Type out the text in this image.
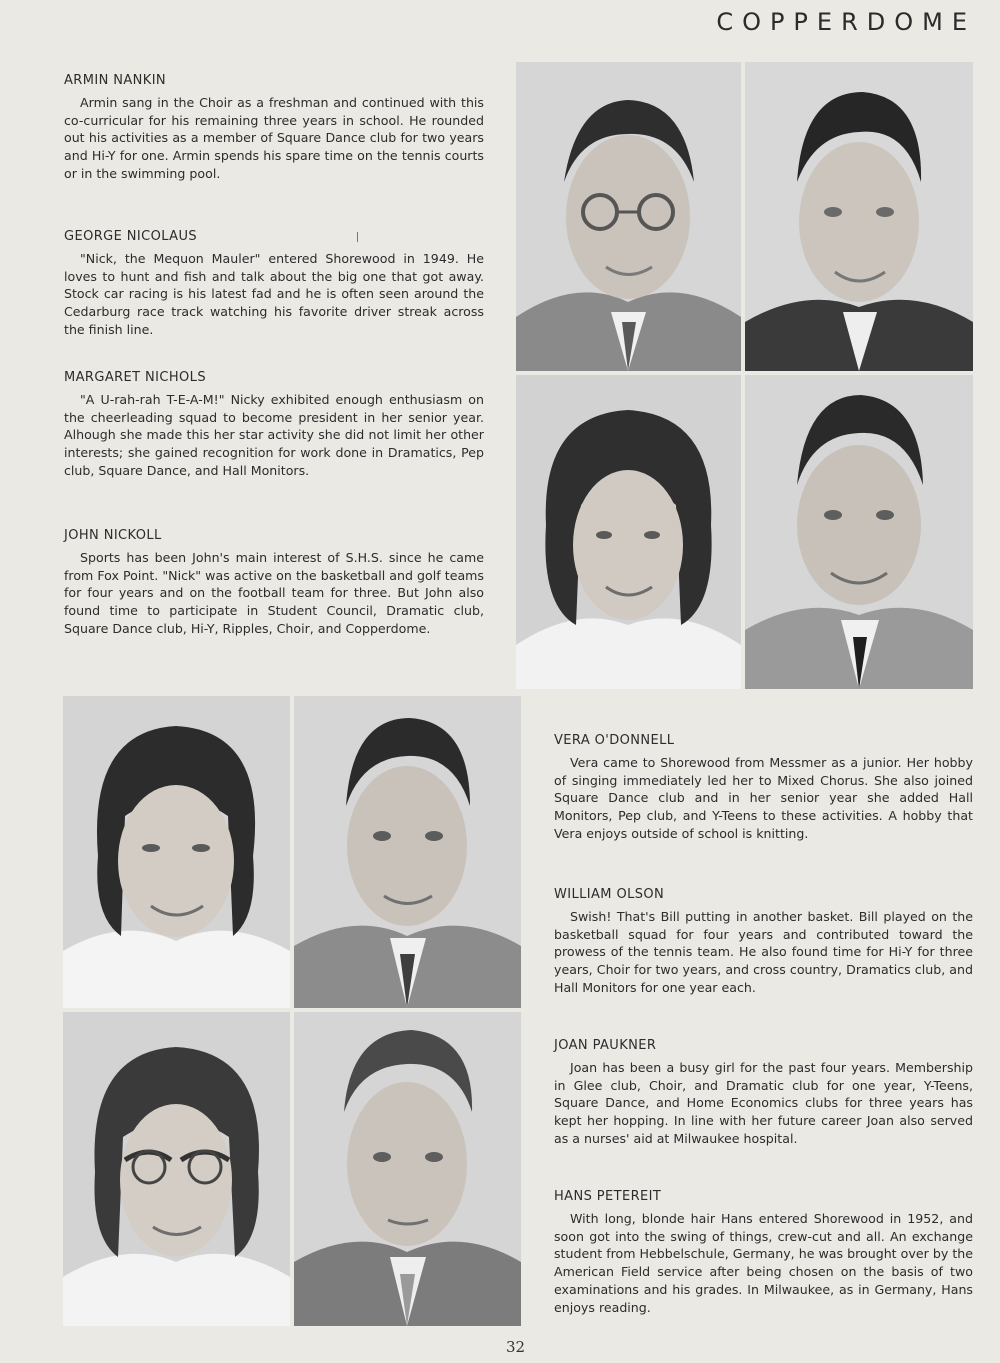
COPPERDOME
ARMIN NANKIN
Armin sang in the Choir as a freshman and continued with this co-curricular for his remaining three years in school. He rounded out his activities as a member of Square Dance club for two years and Hi-Y for one. Armin spends his spare time on the tennis courts or in the swimming pool.
GEORGE NICOLAUS
"Nick, the Mequon Mauler" entered Shorewood in 1949. He loves to hunt and fish and talk about the big one that got away. Stock car racing is his latest fad and he is often seen around the Cedarburg race track watching his favorite driver streak across the finish line.
MARGARET NICHOLS
"A U-rah-rah T-E-A-M!" Nicky exhibited enough enthusiasm on the cheerleading squad to become president in her senior year. Alhough she made this her star activity she did not limit her other interests; she gained recognition for work done in Dramatics, Pep club, Square Dance, and Hall Monitors.
JOHN NICKOLL
Sports has been John's main interest of S.H.S. since he came from Fox Point. "Nick" was active on the basketball and golf teams for four years and on the football team for three. But John also found time to participate in Student Council, Dramatic club, Square Dance club, Hi-Y, Ripples, Choir, and Copperdome.
VERA O'DONNELL
Vera came to Shorewood from Messmer as a junior. Her hobby of singing immediately led her to Mixed Chorus. She also joined Square Dance club and in her senior year she added Hall Monitors, Pep club, and Y-Teens to these activities. A hobby that Vera enjoys outside of school is knitting.
WILLIAM OLSON
Swish! That's Bill putting in another basket. Bill played on the basketball squad for four years and contributed toward the prowess of the tennis team. He also found time for Hi-Y for three years, Choir for two years, and cross country, Dramatics club, and Hall Monitors for one year each.
JOAN PAUKNER
Joan has been a busy girl for the past four years. Membership in Glee club, Choir, and Dramatic club for one year, Y-Teens, Square Dance, and Home Economics clubs for three years has kept her hopping. In line with her future career Joan also served as a nurses' aid at Milwaukee hospital.
HANS PETEREIT
With long, blonde hair Hans entered Shorewood in 1952, and soon got into the swing of things, crew-cut and all. An exchange student from Hebbelschule, Germany, he was brought over by the American Field service after being chosen on the basis of two examinations and his grades. In Milwaukee, as in Germany, Hans enjoys reading.
32
